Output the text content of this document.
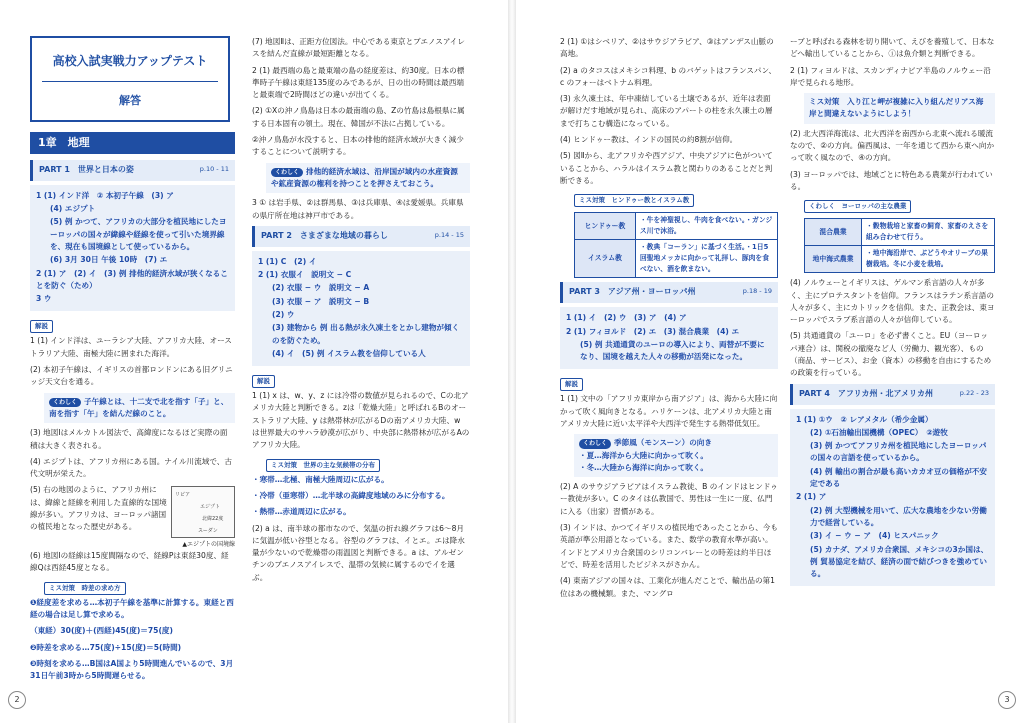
高校入試実戦力アップテスト
解答
1章　地理
PART 1　世界と日本の姿	p.10 - 11
1 (1) インド洋　② 本初子午線　(3) ア
(4) エジプト
(5) 例 かつて、アフリカの大部分を植民地にしたヨーロッパの国々が緯線や経線を使って引いた境界線を、現在も国境線として使っているから。
(6) 3月 30日 午後 10時　(7) エ
2 (1) ア　(2) イ　(3) 例 排他的経済水域が狭くなることを防ぐ（ため）
3 ウ
解説
1 (1) インド洋は、ユーラシア大陸、アフリカ大陸、オーストラリア大陸、南極大陸に囲まれた海洋。
(2) 本初子午線は、イギリスの首都ロンドンにある旧グリニッジ天文台を通る。
くわしく 子午線とは、十二支で北を指す「子」と、南を指す「午」を結んだ線のこと。
(3) 地図Ⅰはメルカトル図法で、高緯度になるほど実際の面積は大きく表される。
(4) エジプトは、アフリカ州にある国。ナイル川流域で、古代文明が栄えた。
リビア
エジプト
北緯22度
スーダン
(5) 右の地図のように、アフリカ州には、緯線と経線を利用した直線的な国境線が多い。アフリカは、ヨーロッパ諸国の植民地となった歴史がある。
▲エジプトの国境線
(6) 地図Ⅰの経線は15度間隔なので、経線Pは東経30度、経線Qは西経45度となる。
ミス対策　時差の求め方
❶経度差を求める…本初子午線を基準に計算する。東経と西経の場合は足し算で求める。
（東経）30(度)＋(西経)45(度)＝75(度)
❷時差を求める…75(度)÷15(度)＝5(時間)
❸時刻を求める…B国はA国より5時間進んでいるので、3月31日午前3時から5時間遅らせる。
(7) 地図Ⅱは、正距方位図法。中心である東京とブエノスアイレスを結んだ直線が最短距離となる。
2 (1) 最西端の島と最東端の島の経度差は、約30度。日本の標準時子午線は東経135度のみであるが、日の出の時間は最西端と最東端で2時間ほどの違いが出てくる。
(2) ①Xの沖ノ鳥島は日本の最南端の島、Zの竹島は島根県に属する日本固有の領土。現在、韓国が不法に占拠している。
②沖ノ鳥島が水没すると、日本の排他的経済水域が大きく減少することについて説明する。
くわしく 排他的経済水域は、沿岸国が域内の水産資源や鉱産資源の権利を持つことを押さえておこう。
3 ① は岩手県、②は群馬県、③は兵庫県、④は愛媛県。兵庫県の県庁所在地は神戸市である。
PART 2　さまざまな地域の暮らし	p.14 - 15
1 (1) C　(2) イ
2 (1) 衣服イ　説明文 − C
(2) 衣服 − ウ　説明文 − A
(3) 衣服 − ア　説明文 − B
(2) ウ
(3) 建物から 例 出る熱が永久凍土をとかし建物が傾くのを防ぐため。
(4) イ　(5) 例 イスラム教を信仰している人
解説
1 (1) x は、w、y、z には冷帯の数値が見られるので、Cの北アメリカ大陸と判断できる。zは「乾燥大陸」と呼ばれるBのオーストラリア大陸、y は熱帯林が広がるDの南アメリカ大陸、w は世界最大のサハラ砂漠が広がり、中央部に熱帯林が広がるAのアフリカ大陸。
ミス対策　世界の主な気候帯の分布
・寒帯…北極、南極大陸周辺に広がる。
・冷帯（亜寒帯）…北半球の高緯度地域のみに分布する。
・熱帯…赤道周辺に広がる。
(2) a は、南半球の都市なので、気温の折れ線グラフは6〜8月に気温が低い谷型となる。谷型のグラフは、イとエ。エは降水量が少ないので乾燥帯の雨温図と判断できる。a は、アルゼンチンのブエノスアイレスで、温帯の気候に属するのでイを選ぶ。
2 (1) ①はシベリア、②はサウジアラビア、③はアンデス山脈の高地。
(2) a のタコスはメキシコ料理、b のバゲットはフランスパン、c のフォーはベトナム料理。
(3) 永久凍土は、年中凍結している土壌であるが、近年は表面が解けだす地域が見られ、高床のアパートの柱を永久凍土の層まで打ちこむ構造になっている。
(4) ヒンドゥー教は、インドの国民の約8割が信仰。
(5) 図Ⅱから、北アフリカや西アジア、中央アジアに色がついていることから、ハラルはイスラム教と関わりのあることだと判断できる。
ミス対策　ヒンドゥー教とイスラム教
ヒンドゥー教	・牛を神聖視し、牛肉を食べない。・ガンジス川で沐浴。
イスラム教	・教典「コーラン」に基づく生活。・1日5回聖地メッカに向かって礼拝し、豚肉を食べない、酒を飲まない。
PART 3　アジア州・ヨーロッパ州	p.18 - 19
1 (1) イ　(2) ウ　(3) ア　(4) ア
2 (1) フィヨルド　(2) エ　(3) 混合農業　(4) エ
(5) 例 共通通貨のユーロの導入により、両替が不要になり、国境を越えた人々の移動が活発になった。
解説
1 (1) 文中の「アフリカ東岸から南アジア」は、海から大陸に向かって吹く風向きとなる。ハリケーンは、北アメリカ大陸と南アメリカ大陸に近い太平洋や大西洋で発生する熱帯低気圧。
くわしく 季節風（モンスーン）の向き
・夏…海洋から大陸に向かって吹く。
・冬…大陸から海洋に向かって吹く。
(2) A のサウジアラビアはイスラム教徒、B のインドはヒンドゥー教徒が多い。C のタイは仏教国で、男性は一生に一度、仏門に入る（出家）習慣がある。
(3) インドは、かつてイギリスの植民地であったことから、今も英語が準公用語となっている。また、数学の教育水準が高い。インドとアメリカ合衆国のシリコンバレーとの時差は約半日ほどで、時差を活用したビジネスがさかん。
(4) 東南アジアの国々は、工業化が進んだことで、輸出品の第1位はあの機械類。また、マングロ
ーブと呼ばれる森林を切り開いて、えびを養殖して、日本などへ輸出していることから、ⓘは魚介類と判断できる。
2 (1) フィヨルドは、スカンディナビア半島のノルウェー沿岸で見られる地形。
ミス対策　入り江と岬が複雑に入り組んだリアス海岸と間違えないようにしよう！
(2) 北大西洋海流は、北大西洋を南西から北東へ流れる暖流なので、②の方向。偏西風は、一年を通じて西から東へ向かって吹く風なので、④の方向。
(3) ヨーロッパでは、地域ごとに特色ある農業が行われている。
くわしく　ヨーロッパの主な農業
混合農業	・穀物栽培と家畜の飼育、家畜のえさを組み合わせて行う。
地中海式農業	・地中海沿岸で、ぶどうやオリーブの果樹栽培。冬に小麦を栽培。
(4) ノルウェーとイギリスは、ゲルマン系言語の人々が多く、主にプロテスタントを信仰。フランスはラテン系言語の人々が多く、主にカトリックを信仰。また、正教会は、東ヨーロッパでスラブ系言語の人々が信仰している。
(5) 共通通貨の「ユーロ」を必ず書くこと。EU（ヨーロッパ連合）は、関税の撤廃など人（労働力、観光客）、もの（商品、サービス）、お金（資本）の移動を自由にするための政策を行っている。
PART 4　アフリカ州・北アメリカ州	p.22 - 23
1 (1) ①ウ　② レアメタル（希少金属）
(2) ①石油輸出国機構（OPEC）　②遊牧
(3) 例 かつてアフリカ州を植民地にしたヨーロッパの国々の言語を使っているから。
(4) 例 輸出の割合が最も高いカカオ豆の価格が不安定である
2 (1) ア
(2) 例 大型機械を用いて、広大な農地を少ない労働力で経営している。
(3) イ − ウ − ア　(4) ヒスパニック
(5) カナダ、アメリカ合衆国、メキシコの3か国は、例 貿易協定を結び、経済の面で結びつきを強めている。
2	3
